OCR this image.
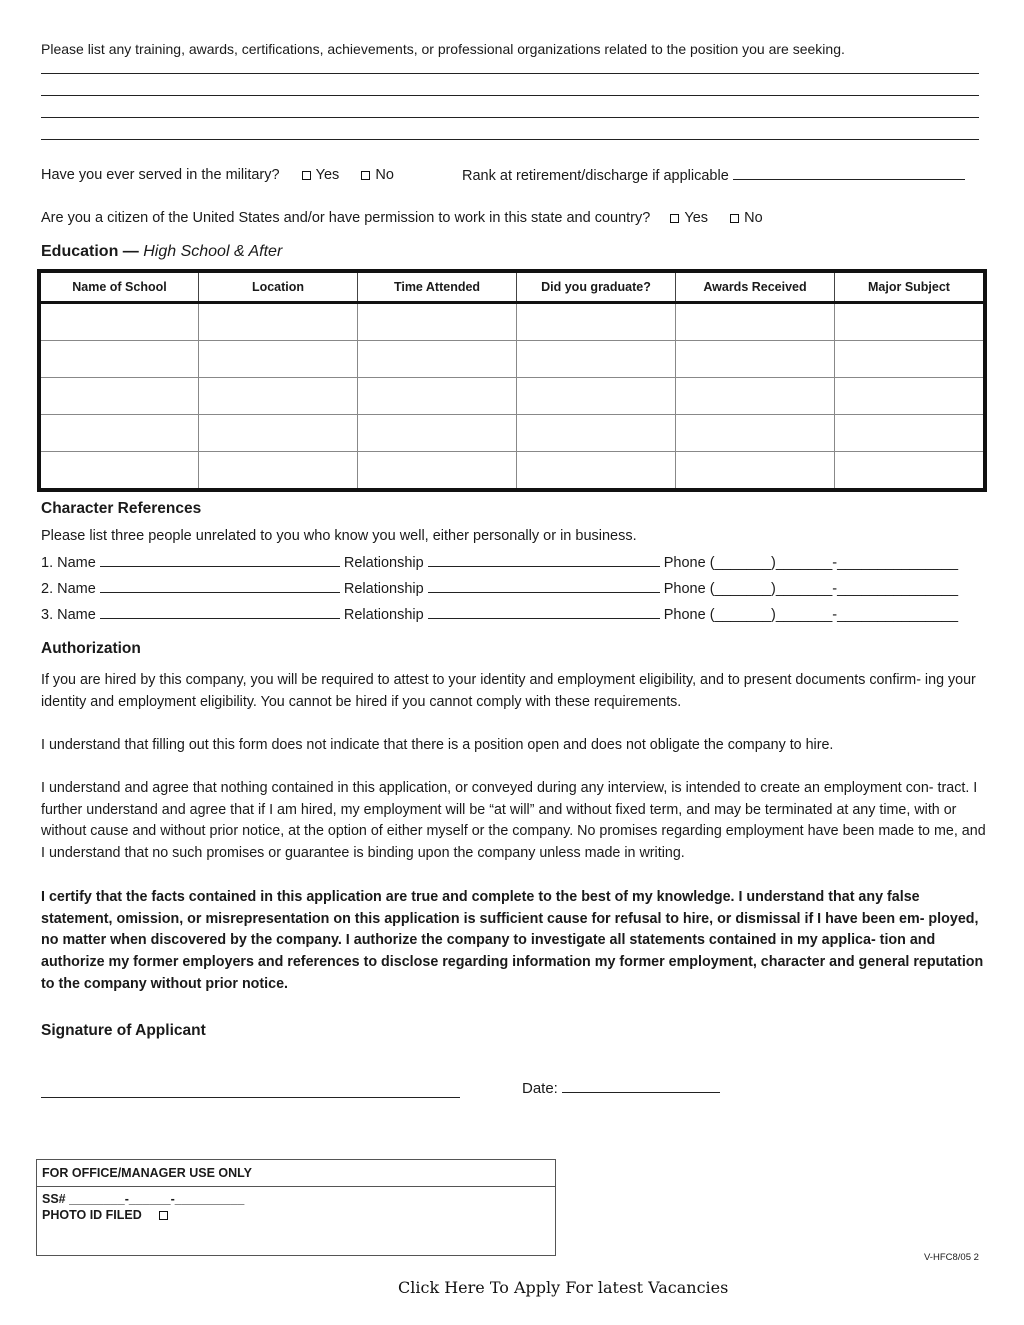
Please list any training, awards, certifications, achievements, or professional organizations related to the position you are seeking.
Have you ever served in the military? Yes No	Rank at retirement/discharge if applicable
Are you a citizen of the United States and/or have permission to work in this state and country? Yes No
Education — High School & After
Name of School	Location	Time Attended	Did you graduate?	Awards Received	Major Subject

Character References
Please list three people unrelated to you who know you well, either personally or in business.
1. Name	Relationship	Phone (_______)_______-_______________
2. Name	Relationship	Phone (_______)_______-_______________
3. Name	Relationship	Phone (_______)_______-_______________
Authorization
If you are hired by this company, you will be required to attest to your identity and employment eligibility, and to present documents confirm- ing your identity and employment eligibility. You cannot be hired if you cannot comply with these requirements.
I understand that filling out this form does not indicate that there is a position open and does not obligate the company to hire.
I understand and agree that nothing contained in this application, or conveyed during any interview, is intended to create an employment con- tract. I further understand and agree that if I am hired, my employment will be “at will” and without fixed term, and may be terminated at any time, with or without cause and without prior notice, at the option of either myself or the company. No promises regarding employment have been made to me, and I understand that no such promises or guarantee is binding upon the company unless made in writing.
I certify that the facts contained in this application are true and complete to the best of my knowledge. I understand that any false statement, omission, or misrepresentation on this application is sufficient cause for refusal to hire, or dismissal if I have been em- ployed, no matter when discovered by the company. I authorize the company to investigate all statements contained in my applica- tion and authorize my former employers and references to disclose regarding information my former employment, character and general reputation to the company without prior notice.
Signature of Applicant
Date:
FOR OFFICE/MANAGER USE ONLY
SS# ________-______-__________
PHOTO ID FILED
V-HFC8/05 2
Click Here To Apply For latest Vacancies
